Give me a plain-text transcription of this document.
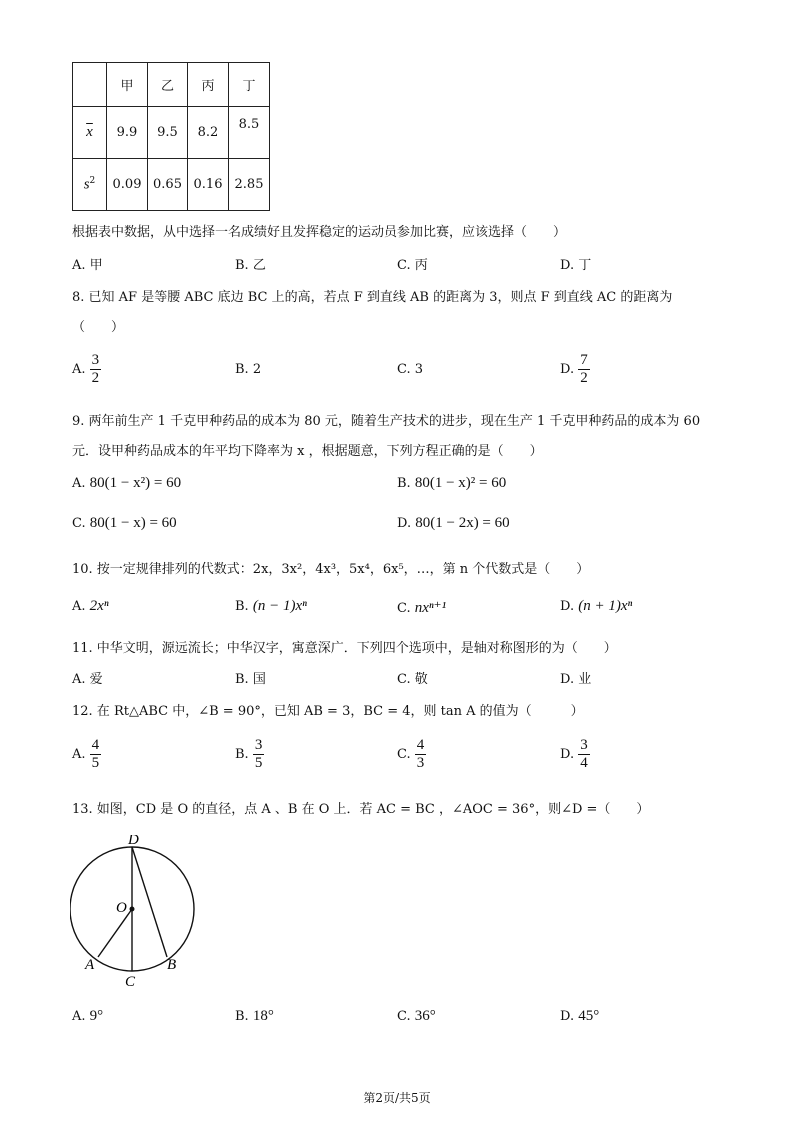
	甲	乙	丙	丁
$\overline{x}$	9.9	9.5	8.2	8.5
$s^2$	0.09	0.65	0.16	2.85
根据表中数据，从中选择一名成绩好且发挥稳定的运动员参加比赛，应该选择（　　）
A. 甲	B. 乙	C. 丙	D. 丁
8. 已知 AF 是等腰 ABC 底边 BC 上的高，若点 F 到直线 AB 的距离为 3，则点 F 到直线 AC 的距离为
（　　）
A. $\frac{3}{2}$	B. 2	C. 3	D. $\frac{7}{2}$
9. 两年前生产 1 千克甲种药品的成本为 80 元，随着生产技术的进步，现在生产 1 千克甲种药品的成本为 60
元．设甲种药品成本的年平均下降率为 x ，根据题意，下列方程正确的是（　　）
A. 80(1 − x²) = 60	B. 80(1 − x)² = 60
C. 80(1 − x) = 60	D. 80(1 − 2x) = 60
10. 按一定规律排列的代数式：2x，3x²，4x³，5x⁴，6x⁵，…，第 n 个代数式是（　　）
A. 2xⁿ	B. (n − 1)xⁿ	C. nxⁿ⁺¹	D. (n + 1)xⁿ
11. 中华文明，源远流长；中华汉字，寓意深广．下列四个选项中，是轴对称图形的为（　　）
A. 爱	B. 国	C. 敬	D. 业
12. 在 Rt△ABC 中，∠B = 90°，已知 AB = 3，BC = 4，则 tan A 的值为（　　　）
A. $\frac{4}{5}$	B. $\frac{3}{5}$	C. $\frac{4}{3}$	D. $\frac{3}{4}$
13. 如图，CD 是 O 的直径，点 A 、B 在 O 上．若 AC = BC ，∠AOC = 36°，则∠D =（　　）
D
O
A	B
C
A. 9°	B. 18°	C. 36°	D. 45°
第2页/共5页
